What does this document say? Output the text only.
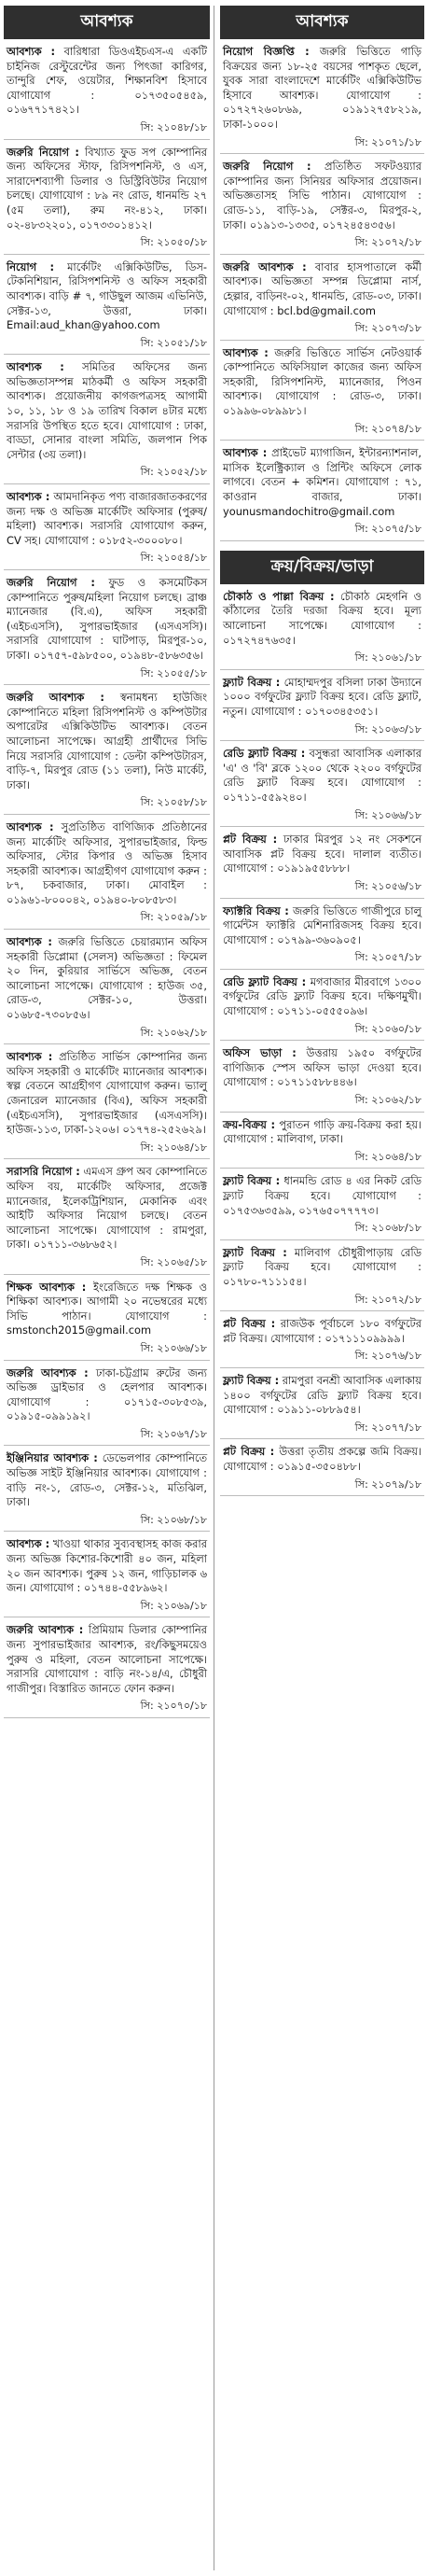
আবশ্যক
আবশ্যক : বারিধারা ডিওএইচএস-এ একটি চাইনিজ রেস্টুরেন্টের জন্য পিৎজা কারিগর, তান্দুরি শেফ, ওয়েটার, শিক্ষানবিশ হিসাবে যোগাযোগ : ০১৭৩৫০৫৪৫৯, ০১৬৭৭১৭৪২১।
সি: ২১০৪৮/১৮
জরুরি নিয়োগ : বিখ্যাত ফুড সপ কোম্পানির জন্য অফিসের স্টাফ, রিসিপশনিস্ট, ও এস, সারাদেশব্যাপী ডিলার ও ডিস্ট্রিবিউটর নিয়োগ চলছে। যোগাযোগ : ৮৯ নং রোড, ধানমন্ডি ২৭ (৫ম তলা), রুম নং-৪১২, ঢাকা। ০২-৪৮৩২২০১, ০১৭৩৩০১৪১২।
সি: ২১০৫০/১৮
নিয়োগ : মার্কেটিং এক্সিকিউটিভ, ডিস-টেকনিশিয়ান, রিসিপশনিস্ট ও অফিস সহকারী আবশ্যক। বাড়ি # ৭, গাউছুল আজম এভিনিউ, সেক্টর-১৩, উত্তরা, ঢাকা। Email:aud_khan@yahoo.com
সি: ২১০৫১/১৮
আবশ্যক : সমিতির অফিসের জন্য অভিজ্ঞতাসম্পন্ন মাঠকর্মী ও অফিস সহকারী আবশ্যক। প্রয়োজনীয় কাগজপত্রসহ আগামী ১০, ১১, ১৮ ও ১৯ তারিখ বিকাল ৪টার মধ্যে সরাসরি উপস্থিত হতে হবে। যোগাযোগ : ঢাকা, বাড্ডা, সোনার বাংলা সমিতি, জলপান পিক সেন্টার (৩য় তলা)।
সি: ২১০৫২/১৮
আবশ্যক : আমদানিকৃত পণ্য বাজারজাতকরণের জন্য দক্ষ ও অভিজ্ঞ মার্কেটিং অফিসার (পুরুষ/মহিলা) আবশ্যক। সরাসরি যোগাযোগ করুন, CV সহ। যোগাযোগ : ০১৮৫২-৩০০০৮০।
সি: ২১০৫৪/১৮
জরুরি নিয়োগ : ফুড ও কসমেটিকস কোম্পানিতে পুরুষ/মহিলা নিয়োগ চলছে। ব্রাঞ্চ ম্যানেজার (বি.এ), অফিস সহকারী (এইচএসসি), সুপারভাইজার (এসএসসি)। সরাসরি যোগাযোগ : ঘাটপাড়, মিরপুর-১০, ঢাকা। ০১৭৫৭-৫৯৮৫০০, ০১৯৪৮-৫৮৬৩৫৬।
সি: ২১০৫৫/১৮
জরুরি আবশ্যক : স্বনামধন্য হাউজিং কোম্পানিতে মহিলা রিসিপশনিস্ট ও কম্পিউটার অপারেটর এক্সিকিউটিভ আবশ্যক। বেতন আলোচনা সাপেক্ষে। আগ্রহী প্রার্থীদের সিভি নিয়ে সরাসরি যোগাযোগ : ডেল্টা কম্পিউটারস, বাড়ি-৭, মিরপুর রোড (১১ তলা), নিউ মার্কেট, ঢাকা।
সি: ২১০৫৮/১৮
আবশ্যক : সুপ্রতিষ্ঠিত বাণিজ্যিক প্রতিষ্ঠানের জন্য মার্কেটিং অফিসার, সুপারভাইজার, ফিল্ড অফিসার, স্টোর কিপার ও অভিজ্ঞ হিসাব সহকারী আবশ্যক। আগ্রহীগণ যোগাযোগ করুন : ৮৭, চকবাজার, ঢাকা। মোবাইল : ০১৯৬১-৮০০০৪২, ০১৯৪০-৮০৮৫৮৩।
সি: ২১০৫৯/১৮
আবশ্যক : জরুরি ভিত্তিতে চেয়ারম্যান অফিস সহকারী ডিপ্লোমা (সেলস) অভিজ্ঞতা : ফিমেল ২০ দিন, কুরিয়ার সার্ভিসে অভিজ্ঞ, বেতন আলোচনা সাপেক্ষে। যোগাযোগ : হাউজ ৩৫, রোড-৩, সেক্টর-১০, উত্তরা। ০১৬৮৫-৭৩০৮৫৬।
সি: ২১০৬২/১৮
আবশ্যক : প্রতিষ্ঠিত সার্ভিস কোম্পানির জন্য অফিস সহকারী ও মার্কেটিং ম্যানেজার আবশ্যক। স্বল্প বেতনে আগ্রহীগণ যোগাযোগ করুন। ভ্যালু জেনারেল ম্যানেজার (বিএ), অফিস সহকারী (এইচএসসি), সুপারভাইজার (এসএসসি)। হাউজ-১১৩, ঢাকা-১২০৬। ০১৭৭৪-২৫২৬২৯।
সি: ২১০৬৪/১৮
সরাসরি নিয়োগ : এমএস গ্রুপ অব কোম্পানিতে অফিস বয়, মার্কেটিং অফিসার, প্রজেক্ট ম্যানেজার, ইলেকট্রিশিয়ান, মেকানিক এবং আইটি অফিসার নিয়োগ চলছে। বেতন আলোচনা সাপেক্ষে। যোগাযোগ : রামপুরা, ঢাকা। ০১৭১১-৩৬৮৬৫২।
সি: ২১০৬৫/১৮
শিক্ষক আবশ্যক : ইংরেজিতে দক্ষ শিক্ষক ও শিক্ষিকা আবশ্যক। আগামী ২০ নভেম্বরের মধ্যে সিভি পাঠান। যোগাযোগ : smstonch2015@gmail.com
সি: ২১০৬৬/১৮
জরুরি আবশ্যক : ঢাকা-চট্টগ্রাম রুটের জন্য অভিজ্ঞ ড্রাইভার ও হেলপার আবশ্যক। যোগাযোগ : ০১৭১৫-৩০৮৫৩৯, ০১৯১৫-০৯৯১৯২।
সি: ২১০৬৭/১৮
ইঞ্জিনিয়ার আবশ্যক : ডেভেলপার কোম্পানিতে অভিজ্ঞ সাইট ইঞ্জিনিয়ার আবশ্যক। যোগাযোগ : বাড়ি নং-১, রোড-৩, সেক্টর-১২, মতিঝিল, ঢাকা।
সি: ২১০৬৮/১৮
আবশ্যক : খাওয়া থাকার সুব্যবস্থাসহ কাজ করার জন্য অভিজ্ঞ কিশোর-কিশোরী ৪০ জন, মহিলা ২০ জন আবশ্যক। পুরুষ ১২ জন, গাড়িচালক ৬ জন। যোগাযোগ : ০১৭৪৪-৫৫৮৯৬২।
সি: ২১০৬৯/১৮
জরুরি আবশ্যক : প্রিমিয়াম ডিলার কোম্পানির জন্য সুপারভাইজার আবশ্যক, রং/কিছুসময়েও পুরুষ ও মহিলা, বেতন আলোচনা সাপেক্ষে। সরাসরি যোগাযোগ : বাড়ি নং-১৪/এ, চৌধুরী গাজীপুর। বিস্তারিত জানতে ফোন করুন।
সি: ২১০৭০/১৮
আবশ্যক
নিয়োগ বিজ্ঞপ্তি : জরুরি ভিত্তিতে গাড়ি বিক্রয়ের জন্য ১৮-২৫ বয়সের পাশকৃত ছেলে, যুবক সারা বাংলাদেশে মার্কেটিং এক্সিকিউটিভ হিসাবে আবশ্যক। যোগাযোগ : ০১৭২৭২৬০৮৬৯, ০১৯১২৭৫৮২১৯, ঢাকা-১০০০।
সি: ২১০৭১/১৮
জরুরি নিয়োগ : প্রতিষ্ঠিত সফটওয়্যার কোম্পানির জন্য সিনিয়র অফিসার প্রয়োজন। অভিজ্ঞতাসহ সিভি পাঠান। যোগাযোগ : রোড-১১, বাড়ি-১৯, সেক্টর-৩, মিরপুর-২, ঢাকা। ০১৯১৩-১৩৩৫, ০১৭২৪৫৪৩৫৬।
সি: ২১০৭২/১৮
জরুরি আবশ্যক : বাবার হাসপাতালে কর্মী আবশ্যক। অভিজ্ঞতা সম্পন্ন ডিপ্লোমা নার্স, হেল্পার, বাড়িনং-০২, ধানমন্ডি, রোড-০৩, ঢাকা। যোগাযোগ : bcl.bd@gmail.com
সি: ২১০৭৩/১৮
আবশ্যক : জরুরি ভিত্তিতে সার্ভিস নেটওয়ার্ক কোম্পানিতে অফিসিয়াল কাজের জন্য অফিস সহকারী, রিসিপশনিস্ট, ম্যানেজার, পিওন আবশ্যক। যোগাযোগ : রোড-৩, ঢাকা। ০১৯৯৬-০৮৯৯৮১।
সি: ২১০৭৪/১৮
আবশ্যক : প্রাইভেট ম্যাগাজিন, ইন্টারন্যাশনাল, মাসিক ইলেক্ট্রিক্যাল ও প্রিন্টিং অফিসে লোক লাগবে। বেতন + কমিশন। যোগাযোগ : ৭১, কাওরান বাজার, ঢাকা। younusmandochitro@gmail.com
সি: ২১০৭৫/১৮
ক্রয়/বিক্রয়/ভাড়া
চৌকাঠ ও পাল্লা বিক্রয় : চৌকাঠ মেহগনি ও কাঁঠালের তৈরি দরজা বিক্রয় হবে। মূল্য আলোচনা সাপেক্ষে। যোগাযোগ : ০১৭২৭৪৭৬৩৫।
সি: ২১০৬১/১৮
ফ্ল্যাট বিক্রয় : মোহাম্মদপুর বসিলা ঢাকা উদ্যানে ১০০০ বর্গফুটের ফ্ল্যাট বিক্রয় হবে। রেডি ফ্ল্যাট, নতুন। যোগাযোগ : ০১৭০৩৪৫৩৫১।
সি: ২১০৬৩/১৮
রেডি ফ্ল্যাট বিক্রয় : বসুন্ধরা আবাসিক এলাকার 'এ' ও 'বি' ব্লকে ১২০০ থেকে ২২০০ বর্গফুটের রেডি ফ্ল্যাট বিক্রয় হবে। যোগাযোগ : ০১৭১১-৫৫৯২৪০।
সি: ২১০৬৬/১৮
প্লট বিক্রয় : ঢাকার মিরপুর ১২ নং সেকশনে আবাসিক প্লট বিক্রয় হবে। দালাল ব্যতীত। যোগাযোগ : ০১৯১৯৫৫৮৮৮।
সি: ২১০৫৬/১৮
ফ্যাক্টরি বিক্রয় : জরুরি ভিত্তিতে গাজীপুরে চালু গার্মেন্টস ফ্যাক্টরি মেশিনারিজসহ বিক্রয় হবে। যোগাযোগ : ০১৭৯৯-৩৬০৯০৫।
সি: ২১০৫৭/১৮
রেডি ফ্ল্যাট বিক্রয় : মগবাজার মীরবাগে ১৩০০ বর্গফুটের রেডি ফ্ল্যাট বিক্রয় হবে। দক্ষিণমুখী। যোগাযোগ : ০১৭১১-০৫৫৫০৯৬।
সি: ২১০৬০/১৮
অফিস ভাড়া : উত্তরায় ১৯৫০ বর্গফুটের বাণিজ্যিক স্পেস অফিস ভাড়া দেওয়া হবে। যোগাযোগ : ০১৭১১৫৮৮৪৪৬।
সি: ২১০৬২/১৮
ক্রয়-বিক্রয় : পুরাতন গাড়ি ক্রয়-বিক্রয় করা হয়। যোগাযোগ : মালিবাগ, ঢাকা।
সি: ২১০৬৪/১৮
ফ্ল্যাট বিক্রয় : ধানমন্ডি রোড ৪ এর নিকট রেডি ফ্ল্যাট বিক্রয় হবে। যোগাযোগ : ০১৭৫৩৬৩৫৯৯, ০১৭৬৫০৭৭৭৭৩।
সি: ২১০৬৮/১৮
ফ্ল্যাট বিক্রয় : মালিবাগ চৌধুরীপাড়ায় রেডি ফ্ল্যাট বিক্রয় হবে। যোগাযোগ : ০১৭৮০-৭১১১৫৪।
সি: ২১০৭২/১৮
প্লট বিক্রয় : রাজউক পূর্বাচলে ১৮০ বর্গফুটের প্লট বিক্রয়। যোগাযোগ : ০১৭১১১০৯৯৯৯।
সি: ২১০৭৬/১৮
ফ্ল্যাট বিক্রয় : রামপুরা বনশ্রী আবাসিক এলাকায় ১৪০০ বর্গফুটের রেডি ফ্ল্যাট বিক্রয় হবে। যোগাযোগ : ০১৯১১-০৮৮৯৫৪।
সি: ২১০৭৭/১৮
প্লট বিক্রয় : উত্তরা তৃতীয় প্রকল্পে জমি বিক্রয়। যোগাযোগ : ০১৯১৫-৩৫০৪৮৮।
সি: ২১০৭৯/১৮
